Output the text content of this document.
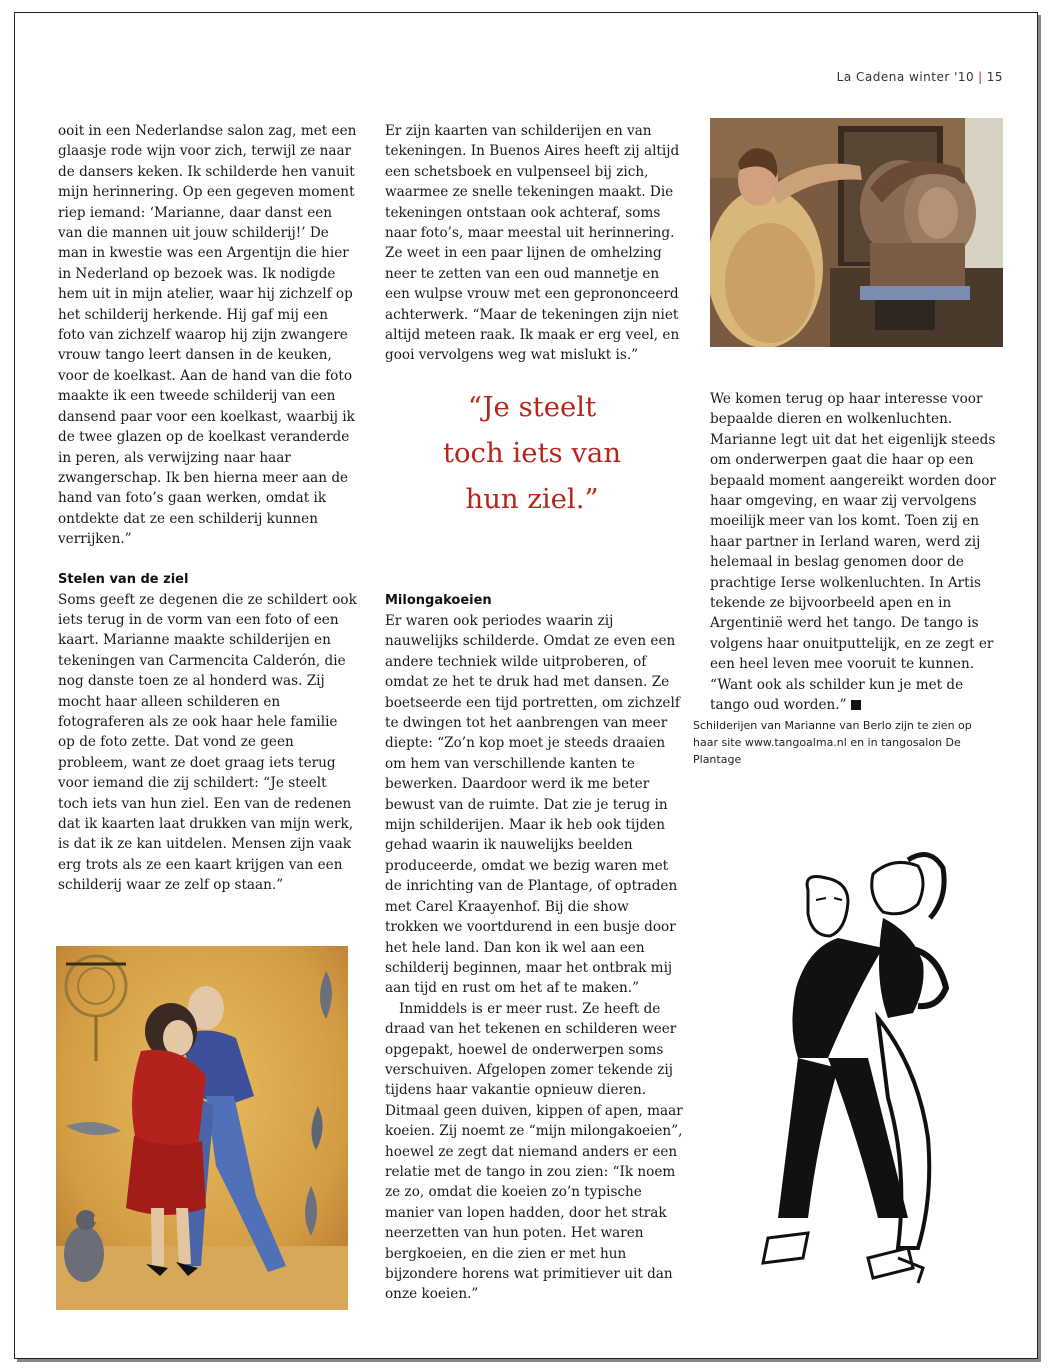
La Cadena winter '10 | 15

ooit in een Nederlandse salon zag, met een glaasje rode wijn voor zich, terwijl ze naar de dansers keken. Ik schilderde hen vanuit mijn herinnering. Op een gegeven moment riep iemand: ‘Marianne, daar danst een van die mannen uit jouw schilderij!’ De man in kwestie was een Argentijn die hier in Nederland op bezoek was. Ik nodigde hem uit in mijn atelier, waar hij zichzelf op het schilderij herkende. Hij gaf mij een foto van zichzelf waarop hij zijn zwangere vrouw tango leert dansen in de keuken, voor de koelkast. Aan de hand van die foto maakte ik een tweede schilderij van een dansend paar voor een koelkast, waarbij ik de twee glazen op de koelkast veranderde in peren, als verwijzing naar haar zwangerschap. Ik ben hierna meer aan de hand van foto’s gaan werken, omdat ik ontdekte dat ze een schilderij kunnen verrijken.”

Stelen van de ziel

Soms geeft ze degenen die ze schildert ook iets terug in de vorm van een foto of een kaart. Marianne maakte schilderijen en tekeningen van Carmencita Calderón, die nog danste toen ze al honderd was. Zij mocht haar alleen schilderen en fotograferen als ze ook haar hele familie op de foto zette. Dat vond ze geen probleem, want ze doet graag iets terug voor iemand die zij schildert: “Je steelt toch iets van hun ziel. Een van de redenen dat ik kaarten laat drukken van mijn werk, is dat ik ze kan uitdelen. Mensen zijn vaak erg trots als ze een kaart krijgen van een schilderij waar ze zelf op staan.”

Er zijn kaarten van schilderijen en van tekeningen. In Buenos Aires heeft zij altijd een schetsboek en vulpenseel bij zich, waarmee ze snelle tekeningen maakt. Die tekeningen ontstaan ook achteraf, soms naar foto’s, maar meestal uit herinnering. Ze weet in een paar lijnen de omhelzing neer te zetten van een oud mannetje en een wulpse vrouw met een geprononceerd achterwerk. “Maar de tekeningen zijn niet altijd meteen raak. Ik maak er erg veel, en gooi vervolgens weg wat mislukt is.”

“Je steelt
toch iets van
hun ziel.”

Milongakoeien

Er waren ook periodes waarin zij nauwelijks schilderde. Omdat ze even een andere techniek wilde uitproberen, of omdat ze het te druk had met dansen. Ze boetseerde een tijd portretten, om zichzelf te dwingen tot het aanbrengen van meer diepte: “Zo’n kop moet je steeds draaien om hem van verschillende kanten te bewerken. Daardoor werd ik me beter bewust van de ruimte. Dat zie je terug in mijn schilderijen. Maar ik heb ook tijden gehad waarin ik nauwelijks beelden produceerde, omdat we bezig waren met de inrichting van de Plantage, of optraden met Carel Kraayenhof. Bij die show trokken we voortdurend in een busje door het hele land. Dan kon ik wel aan een schilderij beginnen, maar het ontbrak mij aan tijd en rust om het af te maken.”

Inmiddels is er meer rust. Ze heeft de draad van het tekenen en schilderen weer opgepakt, hoewel de onderwerpen soms verschuiven. Afgelopen zomer tekende zij tijdens haar vakantie opnieuw dieren. Ditmaal geen duiven, kippen of apen, maar koeien. Zij noemt ze “mijn milongakoeien”, hoewel ze zegt dat niemand anders er een relatie met de tango in zou zien: “Ik noem ze zo, omdat die koeien zo’n typische manier van lopen hadden, door het strak neerzetten van hun poten. Het waren bergkoeien, en die zien er met hun bijzondere horens wat primitiever uit dan onze koeien.”

We komen terug op haar interesse voor bepaalde dieren en wolkenluchten. Marianne legt uit dat het eigenlijk steeds om onderwerpen gaat die haar op een bepaald moment aangereikt worden door haar omgeving, en waar zij vervolgens moeilijk meer van los komt. Toen zij en haar partner in Ierland waren, werd zij helemaal in beslag genomen door de prachtige Ierse wolkenluchten. In Artis tekende ze bijvoorbeeld apen en in Argentinië werd het tango. De tango is volgens haar onuitputtelijk, en ze zegt er een heel leven mee vooruit te kunnen. “Want ook als schilder kun je met de tango oud worden.”

Schilderijen van Marianne van Berlo zijn te zien op haar site www.tangoalma.nl en in tangosalon De Plantage
